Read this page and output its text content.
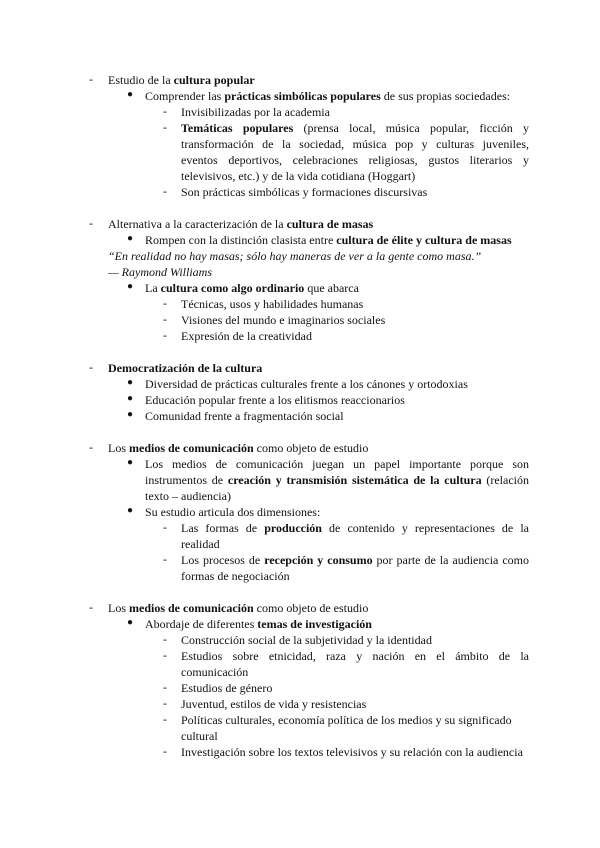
- Estudio de la cultura popular
● Comprender las prácticas simbólicas populares de sus propias sociedades:
- Invisibilizadas por la academia
- Temáticas populares (prensa local, música popular, ficción y
transformación de la sociedad, música pop y culturas juveniles,
eventos deportivos, celebraciones religiosas, gustos literarios y
televisivos, etc.) y de la vida cotidiana (Hoggart)
- Son prácticas simbólicas y formaciones discursivas
- Alternativa a la caracterización de la cultura de masas
● Rompen con la distinción clasista entre cultura de élite y cultura de masas
“En realidad no hay masas; sólo hay maneras de ver a la gente como masa.”
— Raymond Williams
● La cultura como algo ordinario que abarca
- Técnicas, usos y habilidades humanas
- Visiones del mundo e imaginarios sociales
- Expresión de la creatividad
- Democratización de la cultura
● Diversidad de prácticas culturales frente a los cánones y ortodoxias
● Educación popular frente a los elitismos reaccionarios
● Comunidad frente a fragmentación social
- Los medios de comunicación como objeto de estudio
● Los medios de comunicación juegan un papel importante porque son
instrumentos de creación y transmisión sistemática de la cultura (relación
texto – audiencia)
● Su estudio articula dos dimensiones:
- Las formas de producción de contenido y representaciones de la
realidad
- Los procesos de recepción y consumo por parte de la audiencia como
formas de negociación
- Los medios de comunicación como objeto de estudio
● Abordaje de diferentes temas de investigación
- Construcción social de la subjetividad y la identidad
- Estudios sobre etnicidad, raza y nación en el ámbito de la
comunicación
- Estudios de género
- Juventud, estilos de vida y resistencias
- Políticas culturales, economía política de los medios y su significado
cultural
- Investigación sobre los textos televisivos y su relación con la audiencia
